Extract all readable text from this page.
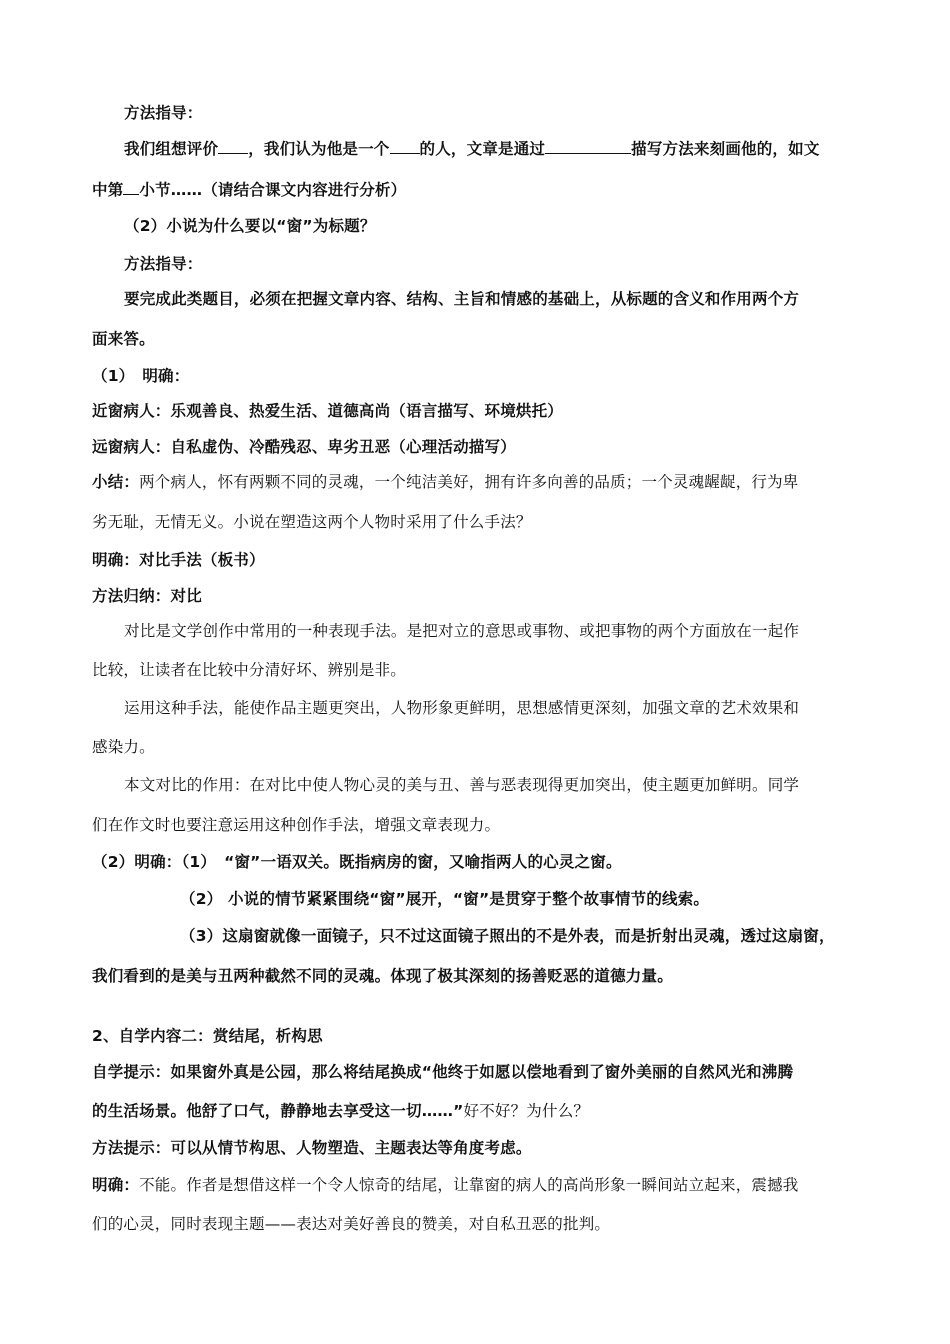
方法指导：
我们组想评价 ，我们认为他是一个 的人，文章是通过	描写方法来刻画他的，如文
中第 小节……（请结合课文内容进行分析）
（2）小说为什么要以“窗”为标题？
方法指导：
要完成此类题目，必须在把握文章内容、结构、主旨和情感的基础上，从标题的含义和作用两个方
面来答。
（1）　明确：
近窗病人：乐观善良、热爱生活、道德高尚（语言描写、环境烘托）
远窗病人：自私虚伪、冷酷残忍、卑劣丑恶（心理活动描写）
小结：两个病人，怀有两颗不同的灵魂，一个纯洁美好，拥有许多向善的品质；一个灵魂龌龊，行为卑
劣无耻，无情无义。小说在塑造这两个人物时采用了什么手法？
明确：对比手法（板书）
方法归纳：对比
对比是文学创作中常用的一种表现手法。是把对立的意思或事物、或把事物的两个方面放在一起作
比较，让读者在比较中分清好坏、辨别是非。
运用这种手法，能使作品主题更突出，人物形象更鲜明，思想感情更深刻，加强文章的艺术效果和
感染力。
本文对比的作用：在对比中使人物心灵的美与丑、善与恶表现得更加突出，使主题更加鲜明。同学
们在作文时也要注意运用这种创作手法，增强文章表现力。
（2）明确：（1）　“窗”一语双关。既指病房的窗，又喻指两人的心灵之窗。
（2） 小说的情节紧紧围绕“窗”展开，“窗”是贯穿于整个故事情节的线索。
（3）这扇窗就像一面镜子，只不过这面镜子照出的不是外表，而是折射出灵魂，透过这扇窗，
我们看到的是美与丑两种截然不同的灵魂。体现了极其深刻的扬善贬恶的道德力量。
2、自学内容二：赏结尾，析构思
自学提示：如果窗外真是公园，那么将结尾换成“他终于如愿以偿地看到了窗外美丽的自然风光和沸腾
的生活场景。他舒了口气，静静地去享受这一切……”好不好？为什么？
方法提示：可以从情节构思、人物塑造、主题表达等角度考虑。
明确：不能。作者是想借这样一个令人惊奇的结尾，让靠窗的病人的高尚形象一瞬间站立起来，震撼我
们的心灵，同时表现主题——表达对美好善良的赞美，对自私丑恶的批判。
